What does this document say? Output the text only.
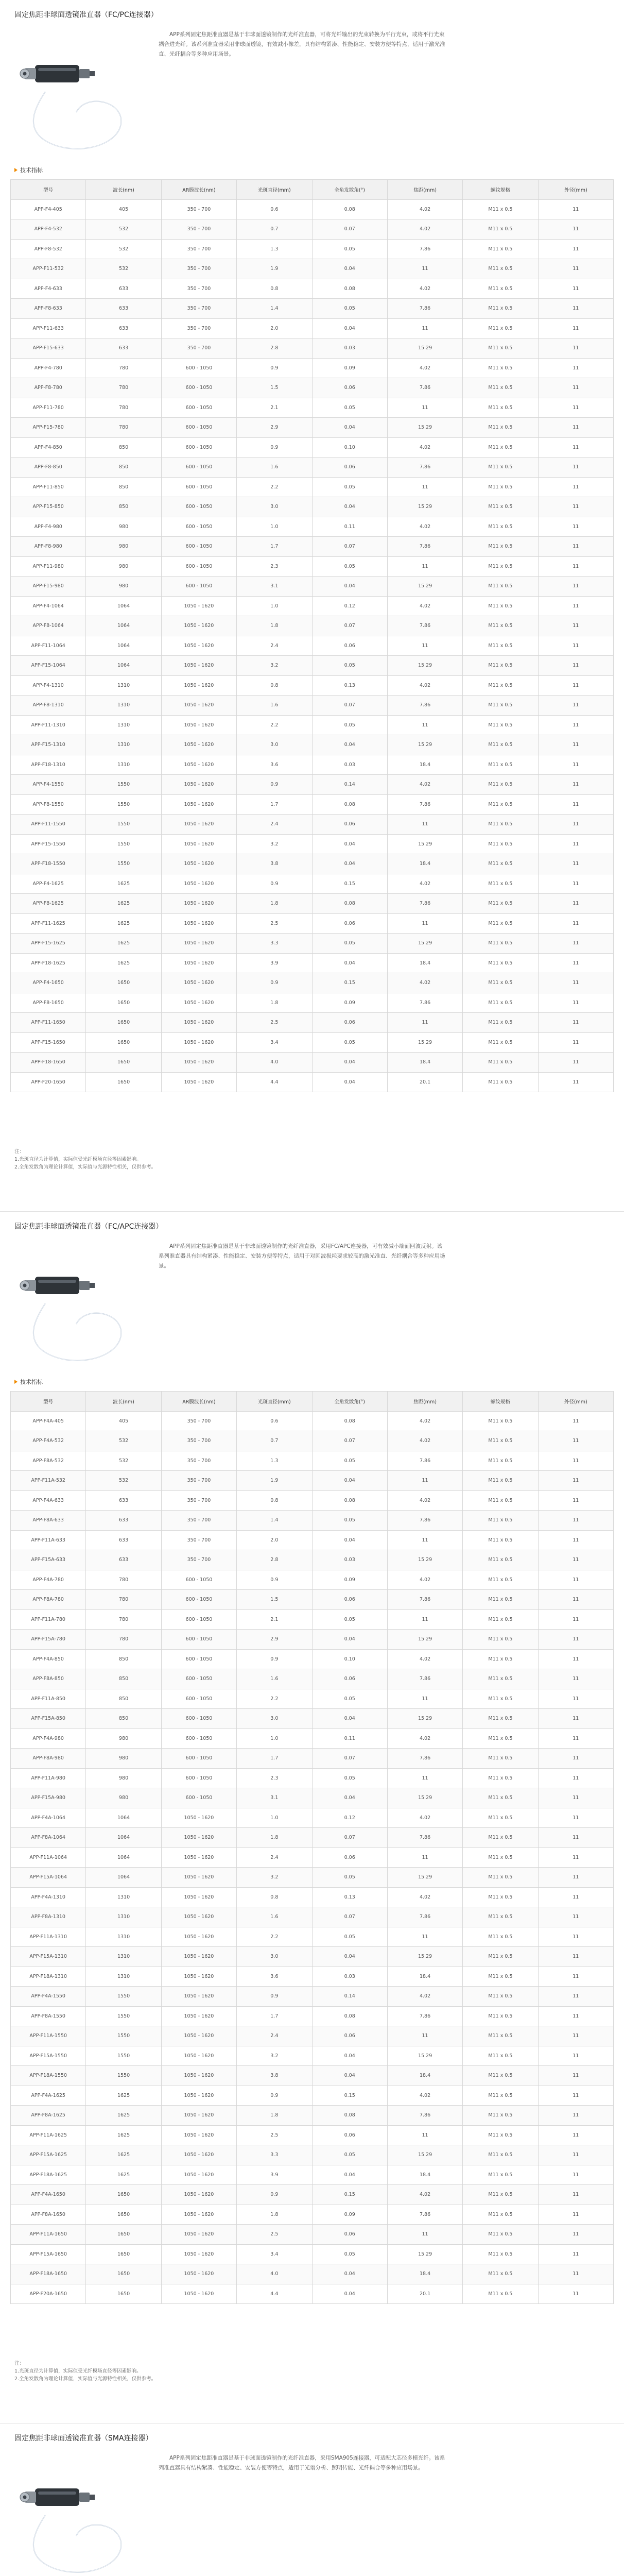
固定焦距非球面透镜准直器（FC/PC连接器）
APP系列固定焦距准直器是基于非球面透镜制作的光纤准直器，可将光纤输出的光束转换为平行光束，或将平行光束耦合进光纤。该系列准直器采用非球面透镜，有效减小像差，具有结构紧凑、性能稳定、安装方便等特点，适用于激光准直、光纤耦合等多种应用场景。
技术指标
型号	波长(nm)	AR膜波长(nm)	光斑直径(mm)	全角发散角(°)	焦距(mm)	螺纹规格	外径(mm)
APP-F4-405	405	350 - 700	0.6	0.08	4.02	M11 x 0.5	11
APP-F4-532	532	350 - 700	0.7	0.07	4.02	M11 x 0.5	11
APP-F8-532	532	350 - 700	1.3	0.05	7.86	M11 x 0.5	11
APP-F11-532	532	350 - 700	1.9	0.04	11	M11 x 0.5	11
APP-F4-633	633	350 - 700	0.8	0.08	4.02	M11 x 0.5	11
APP-F8-633	633	350 - 700	1.4	0.05	7.86	M11 x 0.5	11
APP-F11-633	633	350 - 700	2.0	0.04	11	M11 x 0.5	11
APP-F15-633	633	350 - 700	2.8	0.03	15.29	M11 x 0.5	11
APP-F4-780	780	600 - 1050	0.9	0.09	4.02	M11 x 0.5	11
APP-F8-780	780	600 - 1050	1.5	0.06	7.86	M11 x 0.5	11
APP-F11-780	780	600 - 1050	2.1	0.05	11	M11 x 0.5	11
APP-F15-780	780	600 - 1050	2.9	0.04	15.29	M11 x 0.5	11
APP-F4-850	850	600 - 1050	0.9	0.10	4.02	M11 x 0.5	11
APP-F8-850	850	600 - 1050	1.6	0.06	7.86	M11 x 0.5	11
APP-F11-850	850	600 - 1050	2.2	0.05	11	M11 x 0.5	11
APP-F15-850	850	600 - 1050	3.0	0.04	15.29	M11 x 0.5	11
APP-F4-980	980	600 - 1050	1.0	0.11	4.02	M11 x 0.5	11
APP-F8-980	980	600 - 1050	1.7	0.07	7.86	M11 x 0.5	11
APP-F11-980	980	600 - 1050	2.3	0.05	11	M11 x 0.5	11
APP-F15-980	980	600 - 1050	3.1	0.04	15.29	M11 x 0.5	11
APP-F4-1064	1064	1050 - 1620	1.0	0.12	4.02	M11 x 0.5	11
APP-F8-1064	1064	1050 - 1620	1.8	0.07	7.86	M11 x 0.5	11
APP-F11-1064	1064	1050 - 1620	2.4	0.06	11	M11 x 0.5	11
APP-F15-1064	1064	1050 - 1620	3.2	0.05	15.29	M11 x 0.5	11
APP-F4-1310	1310	1050 - 1620	0.8	0.13	4.02	M11 x 0.5	11
APP-F8-1310	1310	1050 - 1620	1.6	0.07	7.86	M11 x 0.5	11
APP-F11-1310	1310	1050 - 1620	2.2	0.05	11	M11 x 0.5	11
APP-F15-1310	1310	1050 - 1620	3.0	0.04	15.29	M11 x 0.5	11
APP-F18-1310	1310	1050 - 1620	3.6	0.03	18.4	M11 x 0.5	11
APP-F4-1550	1550	1050 - 1620	0.9	0.14	4.02	M11 x 0.5	11
APP-F8-1550	1550	1050 - 1620	1.7	0.08	7.86	M11 x 0.5	11
APP-F11-1550	1550	1050 - 1620	2.4	0.06	11	M11 x 0.5	11
APP-F15-1550	1550	1050 - 1620	3.2	0.04	15.29	M11 x 0.5	11
APP-F18-1550	1550	1050 - 1620	3.8	0.04	18.4	M11 x 0.5	11
APP-F4-1625	1625	1050 - 1620	0.9	0.15	4.02	M11 x 0.5	11
APP-F8-1625	1625	1050 - 1620	1.8	0.08	7.86	M11 x 0.5	11
APP-F11-1625	1625	1050 - 1620	2.5	0.06	11	M11 x 0.5	11
APP-F15-1625	1625	1050 - 1620	3.3	0.05	15.29	M11 x 0.5	11
APP-F18-1625	1625	1050 - 1620	3.9	0.04	18.4	M11 x 0.5	11
APP-F4-1650	1650	1050 - 1620	0.9	0.15	4.02	M11 x 0.5	11
APP-F8-1650	1650	1050 - 1620	1.8	0.09	7.86	M11 x 0.5	11
APP-F11-1650	1650	1050 - 1620	2.5	0.06	11	M11 x 0.5	11
APP-F15-1650	1650	1050 - 1620	3.4	0.05	15.29	M11 x 0.5	11
APP-F18-1650	1650	1050 - 1620	4.0	0.04	18.4	M11 x 0.5	11
APP-F20-1650	1650	1050 - 1620	4.4	0.04	20.1	M11 x 0.5	11
注：
1.光斑直径为计算值，实际值受光纤模场直径等因素影响。
2.全角发散角为理论计算值，实际值与光源特性相关，仅供参考。
固定焦距非球面透镜准直器（FC/APC连接器）
APP系列固定焦距准直器是基于非球面透镜制作的光纤准直器，采用FC/APC连接器，可有效减小端面回波反射。该系列准直器具有结构紧凑、性能稳定、安装方便等特点，适用于对回波损耗要求较高的激光准直、光纤耦合等多种应用场景。
技术指标
型号	波长(nm)	AR膜波长(nm)	光斑直径(mm)	全角发散角(°)	焦距(mm)	螺纹规格	外径(mm)
APP-F4A-405	405	350 - 700	0.6	0.08	4.02	M11 x 0.5	11
APP-F4A-532	532	350 - 700	0.7	0.07	4.02	M11 x 0.5	11
APP-F8A-532	532	350 - 700	1.3	0.05	7.86	M11 x 0.5	11
APP-F11A-532	532	350 - 700	1.9	0.04	11	M11 x 0.5	11
APP-F4A-633	633	350 - 700	0.8	0.08	4.02	M11 x 0.5	11
APP-F8A-633	633	350 - 700	1.4	0.05	7.86	M11 x 0.5	11
APP-F11A-633	633	350 - 700	2.0	0.04	11	M11 x 0.5	11
APP-F15A-633	633	350 - 700	2.8	0.03	15.29	M11 x 0.5	11
APP-F4A-780	780	600 - 1050	0.9	0.09	4.02	M11 x 0.5	11
APP-F8A-780	780	600 - 1050	1.5	0.06	7.86	M11 x 0.5	11
APP-F11A-780	780	600 - 1050	2.1	0.05	11	M11 x 0.5	11
APP-F15A-780	780	600 - 1050	2.9	0.04	15.29	M11 x 0.5	11
APP-F4A-850	850	600 - 1050	0.9	0.10	4.02	M11 x 0.5	11
APP-F8A-850	850	600 - 1050	1.6	0.06	7.86	M11 x 0.5	11
APP-F11A-850	850	600 - 1050	2.2	0.05	11	M11 x 0.5	11
APP-F15A-850	850	600 - 1050	3.0	0.04	15.29	M11 x 0.5	11
APP-F4A-980	980	600 - 1050	1.0	0.11	4.02	M11 x 0.5	11
APP-F8A-980	980	600 - 1050	1.7	0.07	7.86	M11 x 0.5	11
APP-F11A-980	980	600 - 1050	2.3	0.05	11	M11 x 0.5	11
APP-F15A-980	980	600 - 1050	3.1	0.04	15.29	M11 x 0.5	11
APP-F4A-1064	1064	1050 - 1620	1.0	0.12	4.02	M11 x 0.5	11
APP-F8A-1064	1064	1050 - 1620	1.8	0.07	7.86	M11 x 0.5	11
APP-F11A-1064	1064	1050 - 1620	2.4	0.06	11	M11 x 0.5	11
APP-F15A-1064	1064	1050 - 1620	3.2	0.05	15.29	M11 x 0.5	11
APP-F4A-1310	1310	1050 - 1620	0.8	0.13	4.02	M11 x 0.5	11
APP-F8A-1310	1310	1050 - 1620	1.6	0.07	7.86	M11 x 0.5	11
APP-F11A-1310	1310	1050 - 1620	2.2	0.05	11	M11 x 0.5	11
APP-F15A-1310	1310	1050 - 1620	3.0	0.04	15.29	M11 x 0.5	11
APP-F18A-1310	1310	1050 - 1620	3.6	0.03	18.4	M11 x 0.5	11
APP-F4A-1550	1550	1050 - 1620	0.9	0.14	4.02	M11 x 0.5	11
APP-F8A-1550	1550	1050 - 1620	1.7	0.08	7.86	M11 x 0.5	11
APP-F11A-1550	1550	1050 - 1620	2.4	0.06	11	M11 x 0.5	11
APP-F15A-1550	1550	1050 - 1620	3.2	0.04	15.29	M11 x 0.5	11
APP-F18A-1550	1550	1050 - 1620	3.8	0.04	18.4	M11 x 0.5	11
APP-F4A-1625	1625	1050 - 1620	0.9	0.15	4.02	M11 x 0.5	11
APP-F8A-1625	1625	1050 - 1620	1.8	0.08	7.86	M11 x 0.5	11
APP-F11A-1625	1625	1050 - 1620	2.5	0.06	11	M11 x 0.5	11
APP-F15A-1625	1625	1050 - 1620	3.3	0.05	15.29	M11 x 0.5	11
APP-F18A-1625	1625	1050 - 1620	3.9	0.04	18.4	M11 x 0.5	11
APP-F4A-1650	1650	1050 - 1620	0.9	0.15	4.02	M11 x 0.5	11
APP-F8A-1650	1650	1050 - 1620	1.8	0.09	7.86	M11 x 0.5	11
APP-F11A-1650	1650	1050 - 1620	2.5	0.06	11	M11 x 0.5	11
APP-F15A-1650	1650	1050 - 1620	3.4	0.05	15.29	M11 x 0.5	11
APP-F18A-1650	1650	1050 - 1620	4.0	0.04	18.4	M11 x 0.5	11
APP-F20A-1650	1650	1050 - 1620	4.4	0.04	20.1	M11 x 0.5	11
注：
1.光斑直径为计算值，实际值受光纤模场直径等因素影响。
2.全角发散角为理论计算值，实际值与光源特性相关，仅供参考。
固定焦距非球面透镜准直器（SMA连接器）
APP系列固定焦距准直器是基于非球面透镜制作的光纤准直器，采用SMA905连接器，可适配大芯径多模光纤。该系列准直器具有结构紧凑、性能稳定、安装方便等特点，适用于光谱分析、照明传能、光纤耦合等多种应用场景。
